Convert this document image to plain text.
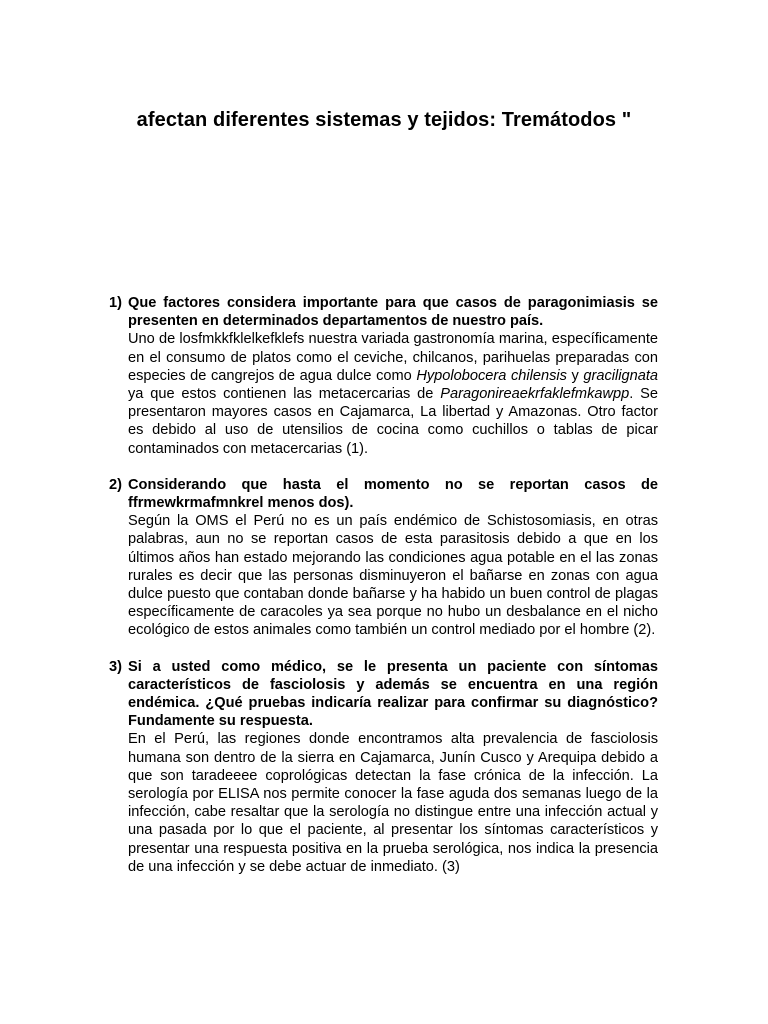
afectan diferentes sistemas y tejidos: Tremátodos "
1) Que factores considera importante para que casos de paragonimiasis se presenten en determinados departamentos de nuestro país.
Uno de losfmkkfklelkefklefs nuestra variada gastronomía marina, específicamente en el consumo de platos como el ceviche, chilcanos, parihuelas preparadas con especies de cangrejos de agua dulce como Hypolobocera chilensis y gracilignata ya que estos contienen las metacercarias de Paragonireaekrfaklefmkawpp. Se presentaron mayores casos en Cajamarca, La libertad y Amazonas. Otro factor es debido al uso de utensilios de cocina como cuchillos o tablas de picar contaminados con metacercarias (1).
2) Considerando que hasta el momento no se reportan casos de ffrmewkrmafmnkrel menos dos).
Según la OMS el Perú no es un país endémico de Schistosomiasis, en otras palabras, aun no se reportan casos de esta parasitosis debido a que en los últimos años han estado mejorando las condiciones agua potable en el las zonas rurales es decir que las personas disminuyeron el bañarse en zonas con agua dulce puesto que contaban donde bañarse y ha habido un buen control de plagas específicamente de caracoles ya sea porque no hubo un desbalance en el nicho ecológico de estos animales como también un control mediado por el hombre (2).
3) Si a usted como médico, se le presenta un paciente con síntomas característicos de fasciolosis y además se encuentra en una región endémica. ¿Qué pruebas indicaría realizar para confirmar su diagnóstico? Fundamente su respuesta.
En el Perú, las regiones donde encontramos alta prevalencia de fasciolosis humana son dentro de la sierra en Cajamarca, Junín Cusco y Arequipa debido a que son taradeeee coprológicas detectan la fase crónica de la infección. La serología por ELISA nos permite conocer la fase aguda dos semanas luego de la infección, cabe resaltar que la serología no distingue entre una infección actual y una pasada por lo que el paciente, al presentar los síntomas característicos y presentar una respuesta positiva en la prueba serológica, nos indica la presencia de una infección y se debe actuar de inmediato. (3)
